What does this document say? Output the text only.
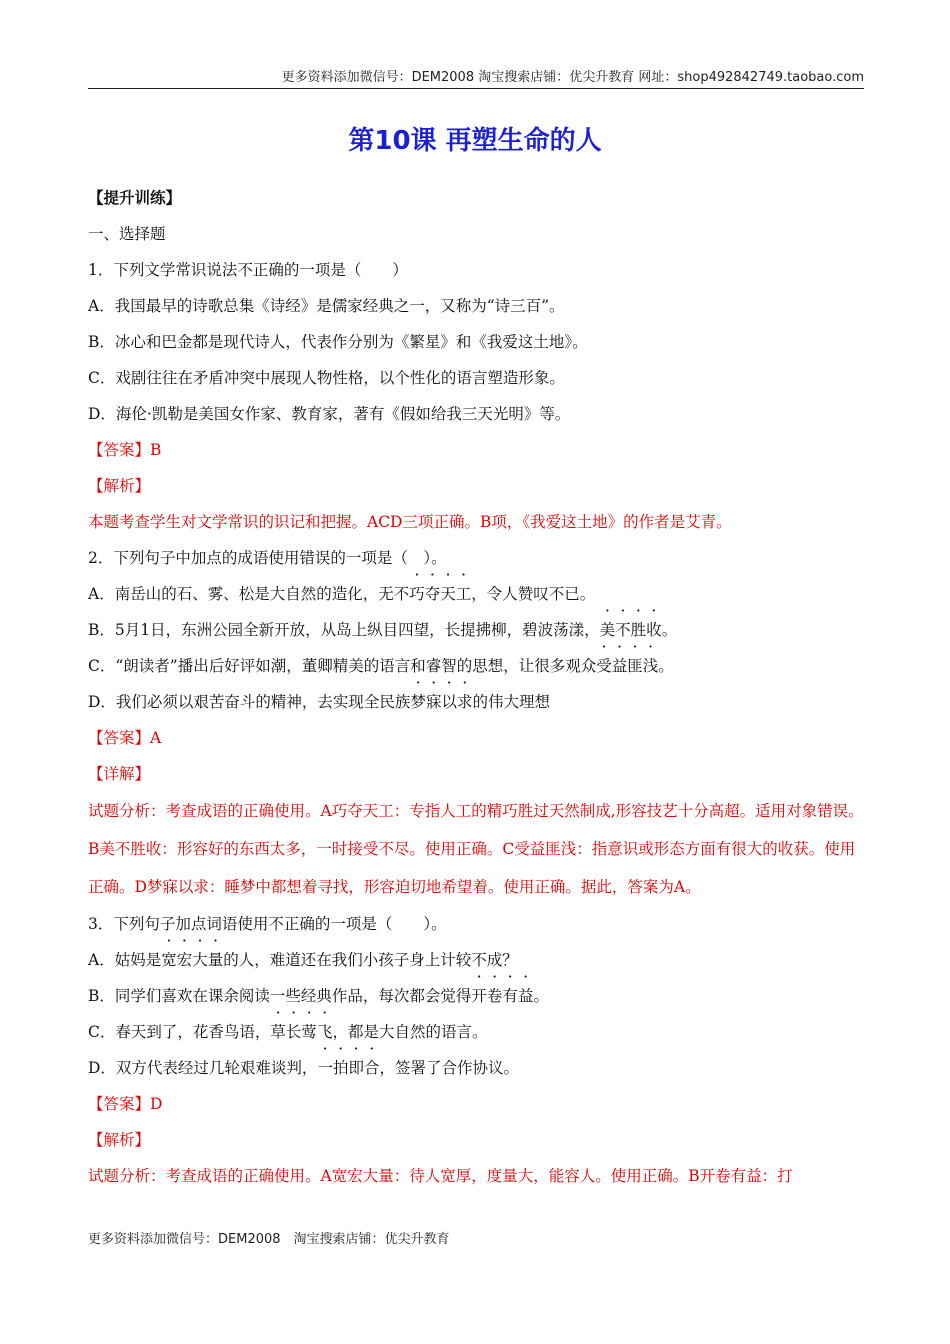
更多资料添加微信号：DEM2008 淘宝搜索店铺：优尖升教育 网址：shop492842749.taobao.com
第10课 再塑生命的人
【提升训练】
一、选择题
1．下列文学常识说法不正确的一项是（　　）
A．我国最早的诗歌总集《诗经》是儒家经典之一，又称为“诗三百”。
B．冰心和巴金都是现代诗人，代表作分别为《繁星》和《我爱这土地》。
C．戏剧往往在矛盾冲突中展现人物性格，以个性化的语言塑造形象。
D．海伦·凯勒是美国女作家、教育家，著有《假如给我三天光明》等。
【答案】B
【解析】
本题考查学生对文学常识的识记和把握。ACD三项正确。B项，《我爱这土地》的作者是艾青。
2．下列句子中加点的成语使用错误的一项是（　）。
A．南岳山的石、雾、松是大自然的造化，无不巧夺天工，令人赞叹不已。
B．5月1日，东洲公园全新开放，从岛上纵目四望，长提拂柳，碧波荡漾，美不胜收。
C．“朗读者”播出后好评如潮，董卿精美的语言和睿智的思想，让很多观众受益匪浅。
D．我们必须以艰苦奋斗的精神，去实现全民族梦寐以求的伟大理想
【答案】A
【详解】
试题分析：考查成语的正确使用。A巧夺天工：专指人工的精巧胜过天然制成,形容技艺十分高超。适用对象错误。B美不胜收：形容好的东西太多，一时接受不尽。使用正确。C受益匪浅：指意识或形态方面有很大的收获。使用正确。D梦寐以求：睡梦中都想着寻找，形容迫切地希望着。使用正确。据此，答案为A。
3．下列句子加点词语使用不正确的一项是（　　）。
A．姑妈是宽宏大量的人，难道还在我们小孩子身上计较不成？
B．同学们喜欢在课余阅读一些经典作品，每次都会觉得开卷有益。
C．春天到了，花香鸟语，草长莺飞，都是大自然的语言。
D．双方代表经过几轮艰难谈判，一拍即合，签署了合作协议。
【答案】D
【解析】
试题分析：考查成语的正确使用。A宽宏大量：待人宽厚，度量大，能容人。使用正确。B开卷有益：打
更多资料添加微信号：DEM2008　淘宝搜索店铺：优尖升教育
